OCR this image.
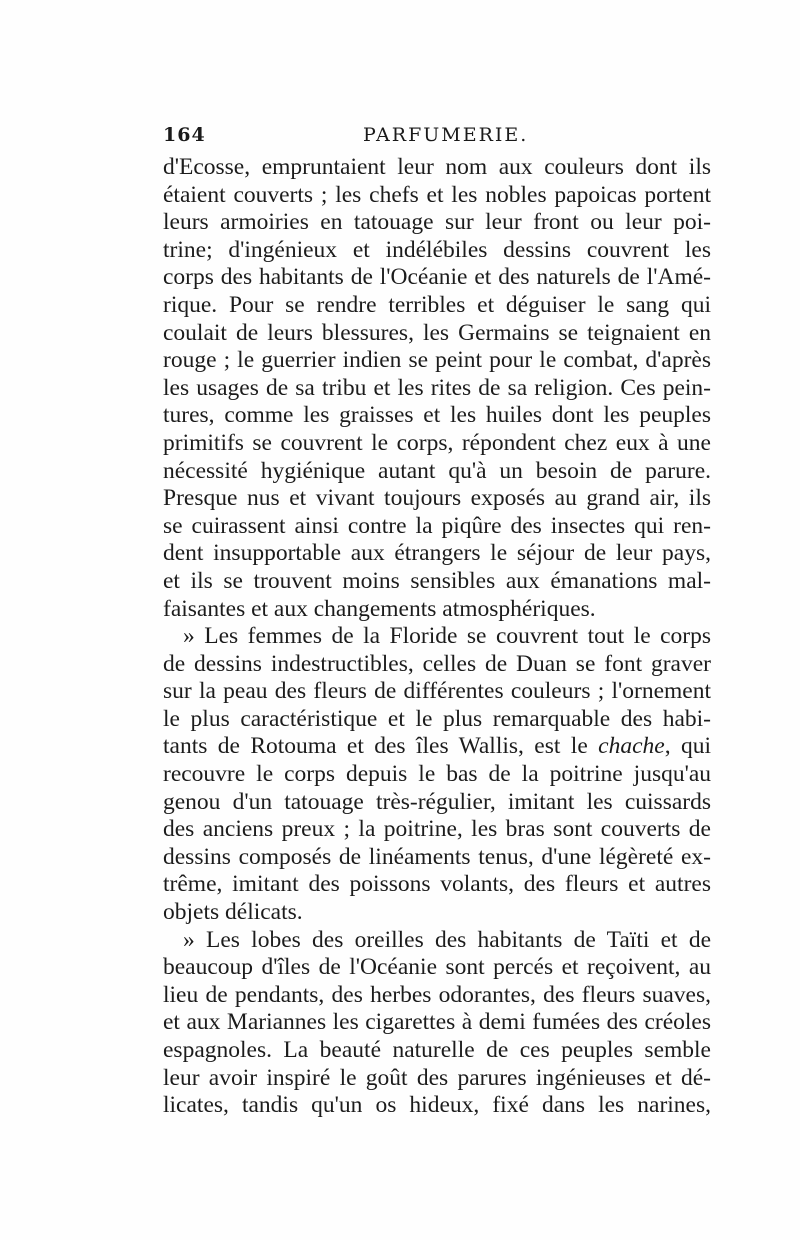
164	PARFUMERIE.
d'Ecosse, empruntaient leur nom aux couleurs dont ils
étaient couverts ; les chefs et les nobles papoicas portent
leurs armoiries en tatouage sur leur front ou leur poi-
trine; d'ingénieux et indélébiles dessins couvrent les
corps des habitants de l'Océanie et des naturels de l'Amé-
rique. Pour se rendre terribles et déguiser le sang qui
coulait de leurs blessures, les Germains se teignaient en
rouge ; le guerrier indien se peint pour le combat, d'après
les usages de sa tribu et les rites de sa religion. Ces pein-
tures, comme les graisses et les huiles dont les peuples
primitifs se couvrent le corps, répondent chez eux à une
nécessité hygiénique autant qu'à un besoin de parure.
Presque nus et vivant toujours exposés au grand air, ils
se cuirassent ainsi contre la piqûre des insectes qui ren-
dent insupportable aux étrangers le séjour de leur pays,
et ils se trouvent moins sensibles aux émanations mal-
faisantes et aux changements atmosphériques.
» Les femmes de la Floride se couvrent tout le corps
de dessins indestructibles, celles de Duan se font graver
sur la peau des fleurs de différentes couleurs ; l'ornement
le plus caractéristique et le plus remarquable des habi-
tants de Rotouma et des îles Wallis, est le chache, qui
recouvre le corps depuis le bas de la poitrine jusqu'au
genou d'un tatouage très-régulier, imitant les cuissards
des anciens preux ; la poitrine, les bras sont couverts de
dessins composés de linéaments tenus, d'une légèreté ex-
trême, imitant des poissons volants, des fleurs et autres
objets délicats.
» Les lobes des oreilles des habitants de Taïti et de
beaucoup d'îles de l'Océanie sont percés et reçoivent, au
lieu de pendants, des herbes odorantes, des fleurs suaves,
et aux Mariannes les cigarettes à demi fumées des créoles
espagnoles. La beauté naturelle de ces peuples semble
leur avoir inspiré le goût des parures ingénieuses et dé-
licates, tandis qu'un os hideux, fixé dans les narines,
